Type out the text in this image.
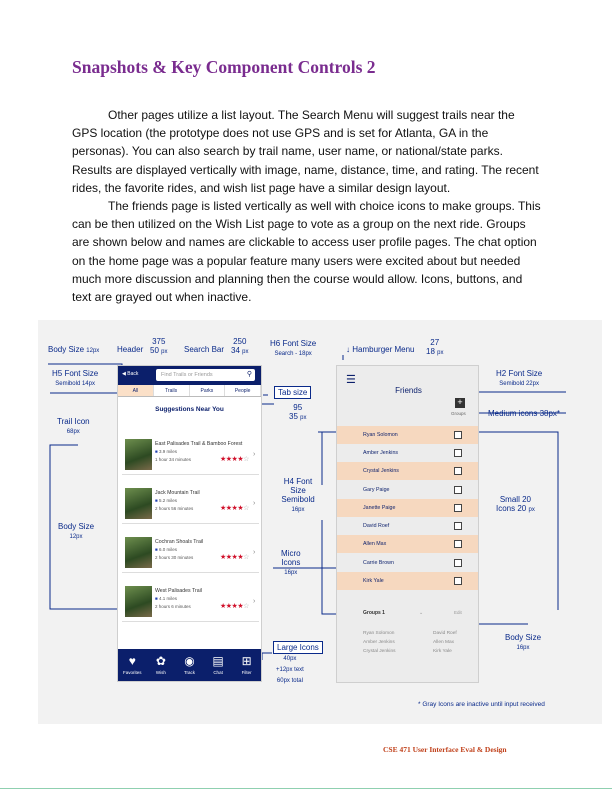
Snapshots & Key Component Controls 2

Other pages utilize a list layout. The Search Menu will suggest trails near the GPS location (the prototype does not use GPS and is set for Atlanta, GA in the personas). You can also search by trail name, user name, or national/state parks. Results are displayed vertically with image, name, distance, time, and rating. The recent rides, the favorite rides, and wish list page have a similar design layout.

The friends page is listed vertically as well with choice icons to make groups. This can be then utilized on the Wish List page to vote as a group on the next ride. Groups are shown below and names are clickable to access user profile pages. The chat option on the home page was a popular feature many users were excited about but needed much more discussion and planning then the course would allow. Icons, buttons, and text are grayed out when inactive.

Body Size 12px Header
375
50 px Search Bar
250
34 px
H6 Font Size
Search - 18px	↓ Hamburger Menu
27
18 px
H5 Font Size
Semibold 14px
H2 Font Size
Semibold 22px
Tab size
95
35 px	Medium icons 38px*
Trail Icon
68px
H4 Font Size
Semibold
16px
Small 20
Icons 20 px
Body Size
12px
Micro
Icons
16px
Large Icons
40px
+12px text
60px total
Body Size
16px
◀ Back	Find Trails or Friends	⚲
All	Trails	Parks	People
Suggestions Near You
East Palisades Trail & Bamboo Forest
■ 3.9 miles
1 hour 34 minutes	★★★★☆
›
Jack Mountain Trail
■ 5.2 miles
2 hours 56 minutes	★★★★☆
›
Cochran Shoals Trail
■ 6.0 miles
2 hours 30 minutes	★★★★☆
›
West Palisades Trail
■ 4.1 miles
2 hours 6 minutes	★★★★☆
›
♥
Favorites
✿
Wish
◉
Track
▤
Chat
⊞
Filter
☰
Friends
+
Groups
Ryan Solomon
Amber Jenkins
Crystal Jenkins
Gary Paige
Janette Paige
David Roef
Allen Max
Carrie Brown
Kirk Yale
Groups 1	⌄	Edit
Ryan Solomon
Amber Jenkins
Crystal Jenkins
David Roef
Allen Max
Kirk Yale
* Gray Icons are inactive until input received
CSE 471 User Interface Eval & Design
